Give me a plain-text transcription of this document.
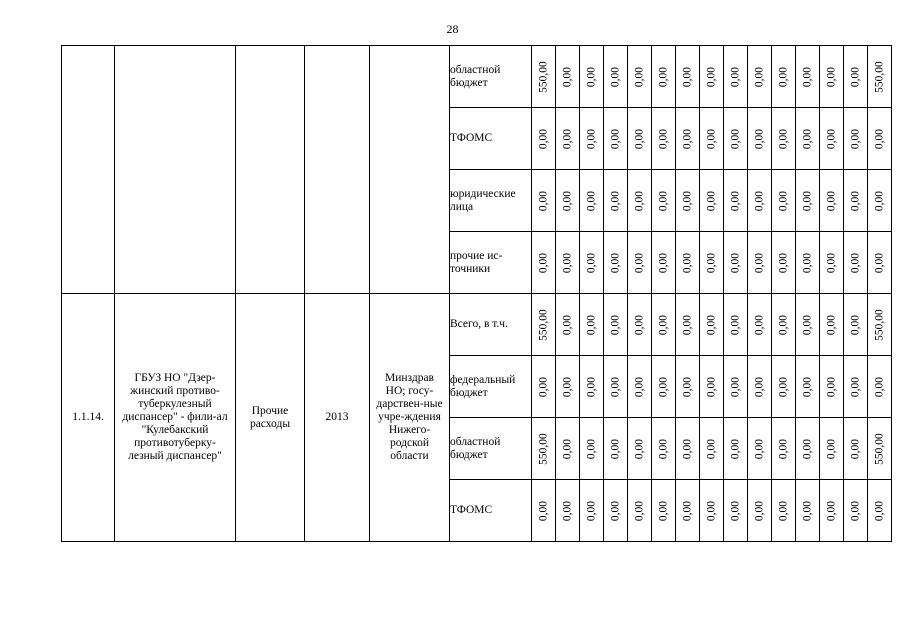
28
					областной бюджет	550,00	0,00	0,00	0,00	0,00	0,00	0,00	0,00	0,00	0,00	0,00	0,00	0,00	0,00	550,00

					ТФОМС	0,00	0,00	0,00	0,00	0,00	0,00	0,00	0,00	0,00	0,00	0,00	0,00	0,00	0,00	0,00

					юридические лица	0,00	0,00	0,00	0,00	0,00	0,00	0,00	0,00	0,00	0,00	0,00	0,00	0,00	0,00	0,00

					прочие ис-точники	0,00	0,00	0,00	0,00	0,00	0,00	0,00	0,00	0,00	0,00	0,00	0,00	0,00	0,00	0,00

1.1.14.	ГБУЗ НО "Дзер-жинский противо-туберкулезный диспансер" - фили-ал "Кулебакский противотуберку-лезный диспансер"	Прочие расходы	2013	Минздрав НО; госу-дарствен-ные учре-ждения Нижего-родской области	Всего, в т.ч.	550,00	0,00	0,00	0,00	0,00	0,00	0,00	0,00	0,00	0,00	0,00	0,00	0,00	0,00	550,00

					федеральный бюджет	0,00	0,00	0,00	0,00	0,00	0,00	0,00	0,00	0,00	0,00	0,00	0,00	0,00	0,00	0,00

					областной бюджет	550,00	0,00	0,00	0,00	0,00	0,00	0,00	0,00	0,00	0,00	0,00	0,00	0,00	0,00	550,00

					ТФОМС	0,00	0,00	0,00	0,00	0,00	0,00	0,00	0,00	0,00	0,00	0,00	0,00	0,00	0,00	0,00
